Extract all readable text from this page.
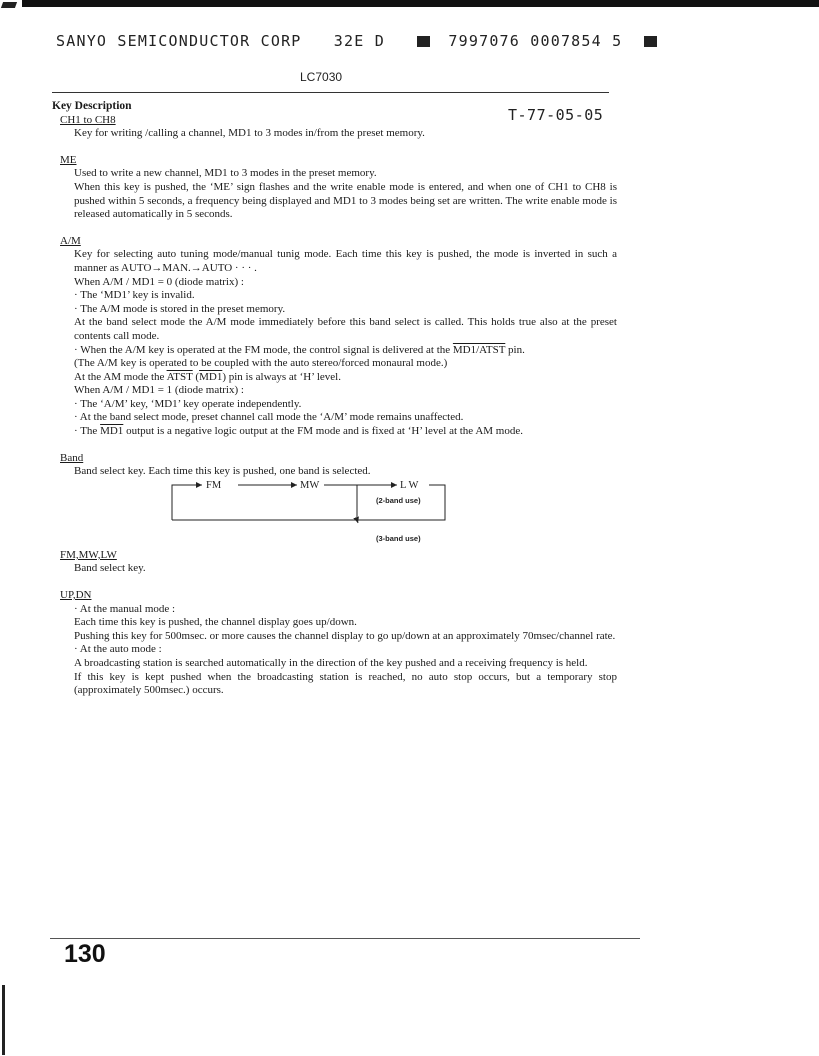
SANYO SEMICONDUCTOR CORP 32E D	7997076 0007854 5
LC7030
T-77-05-05
Key Description
CH1 to CH8

Key for writing /calling a channel, MD1 to 3 modes in/from the preset memory.

ME

Used to write a new channel, MD1 to 3 modes in the preset memory.

When this key is pushed, the ‘ME’ sign flashes and the write enable mode is entered, and when one of CH1 to CH8 is pushed within 5 seconds, a frequency being displayed and MD1 to 3 modes being set are written. The write enable mode is released automatically in 5 seconds.

A/M

Key for selecting auto tuning mode/manual tunig mode. Each time this key is pushed, the mode is inverted in such a manner as AUTO→MAN.→AUTO · · · .

When A/M / MD1 = 0 (diode matrix) :

· The ‘MD1’ key is invalid.

· The A/M mode is stored in the preset memory.

At the band select mode the A/M mode immediately before this band select is called. This holds true also at the preset contents call mode.

· When the A/M key is operated at the FM mode, the control signal is delivered at the MD1/ATST pin.

(The A/M key is operated to be coupled with the auto stereo/forced monaural mode.)

At the AM mode the ATST (MD1) pin is always at ‘H’ level.

When A/M / MD1 = 1 (diode matrix) :

· The ‘A/M’ key, ‘MD1’ key operate independently.

· At the band select mode, preset channel call mode the ‘A/M’ mode remains unaffected.

· The MD1 output is a negative logic output at the FM mode and is fixed at ‘H’ level at the AM mode.

Band

Band select key. Each time this key is pushed, one band is selected.

FM	MW	L W
(2-band use)
(3-band use)
FM,MW,LW

Band select key.

UP,DN

· At the manual mode :

Each time this key is pushed, the channel display goes up/down.

Pushing this key for 500msec. or more causes the channel display to go up/down at an approximately 70msec/channel rate.

· At the auto mode :

A broadcasting station is searched automatically in the direction of the key pushed and a receiving frequency is held.

If this key is kept pushed when the broadcasting station is reached, no auto stop occurs, but a temporary stop (approximately 500msec.) occurs.

130
